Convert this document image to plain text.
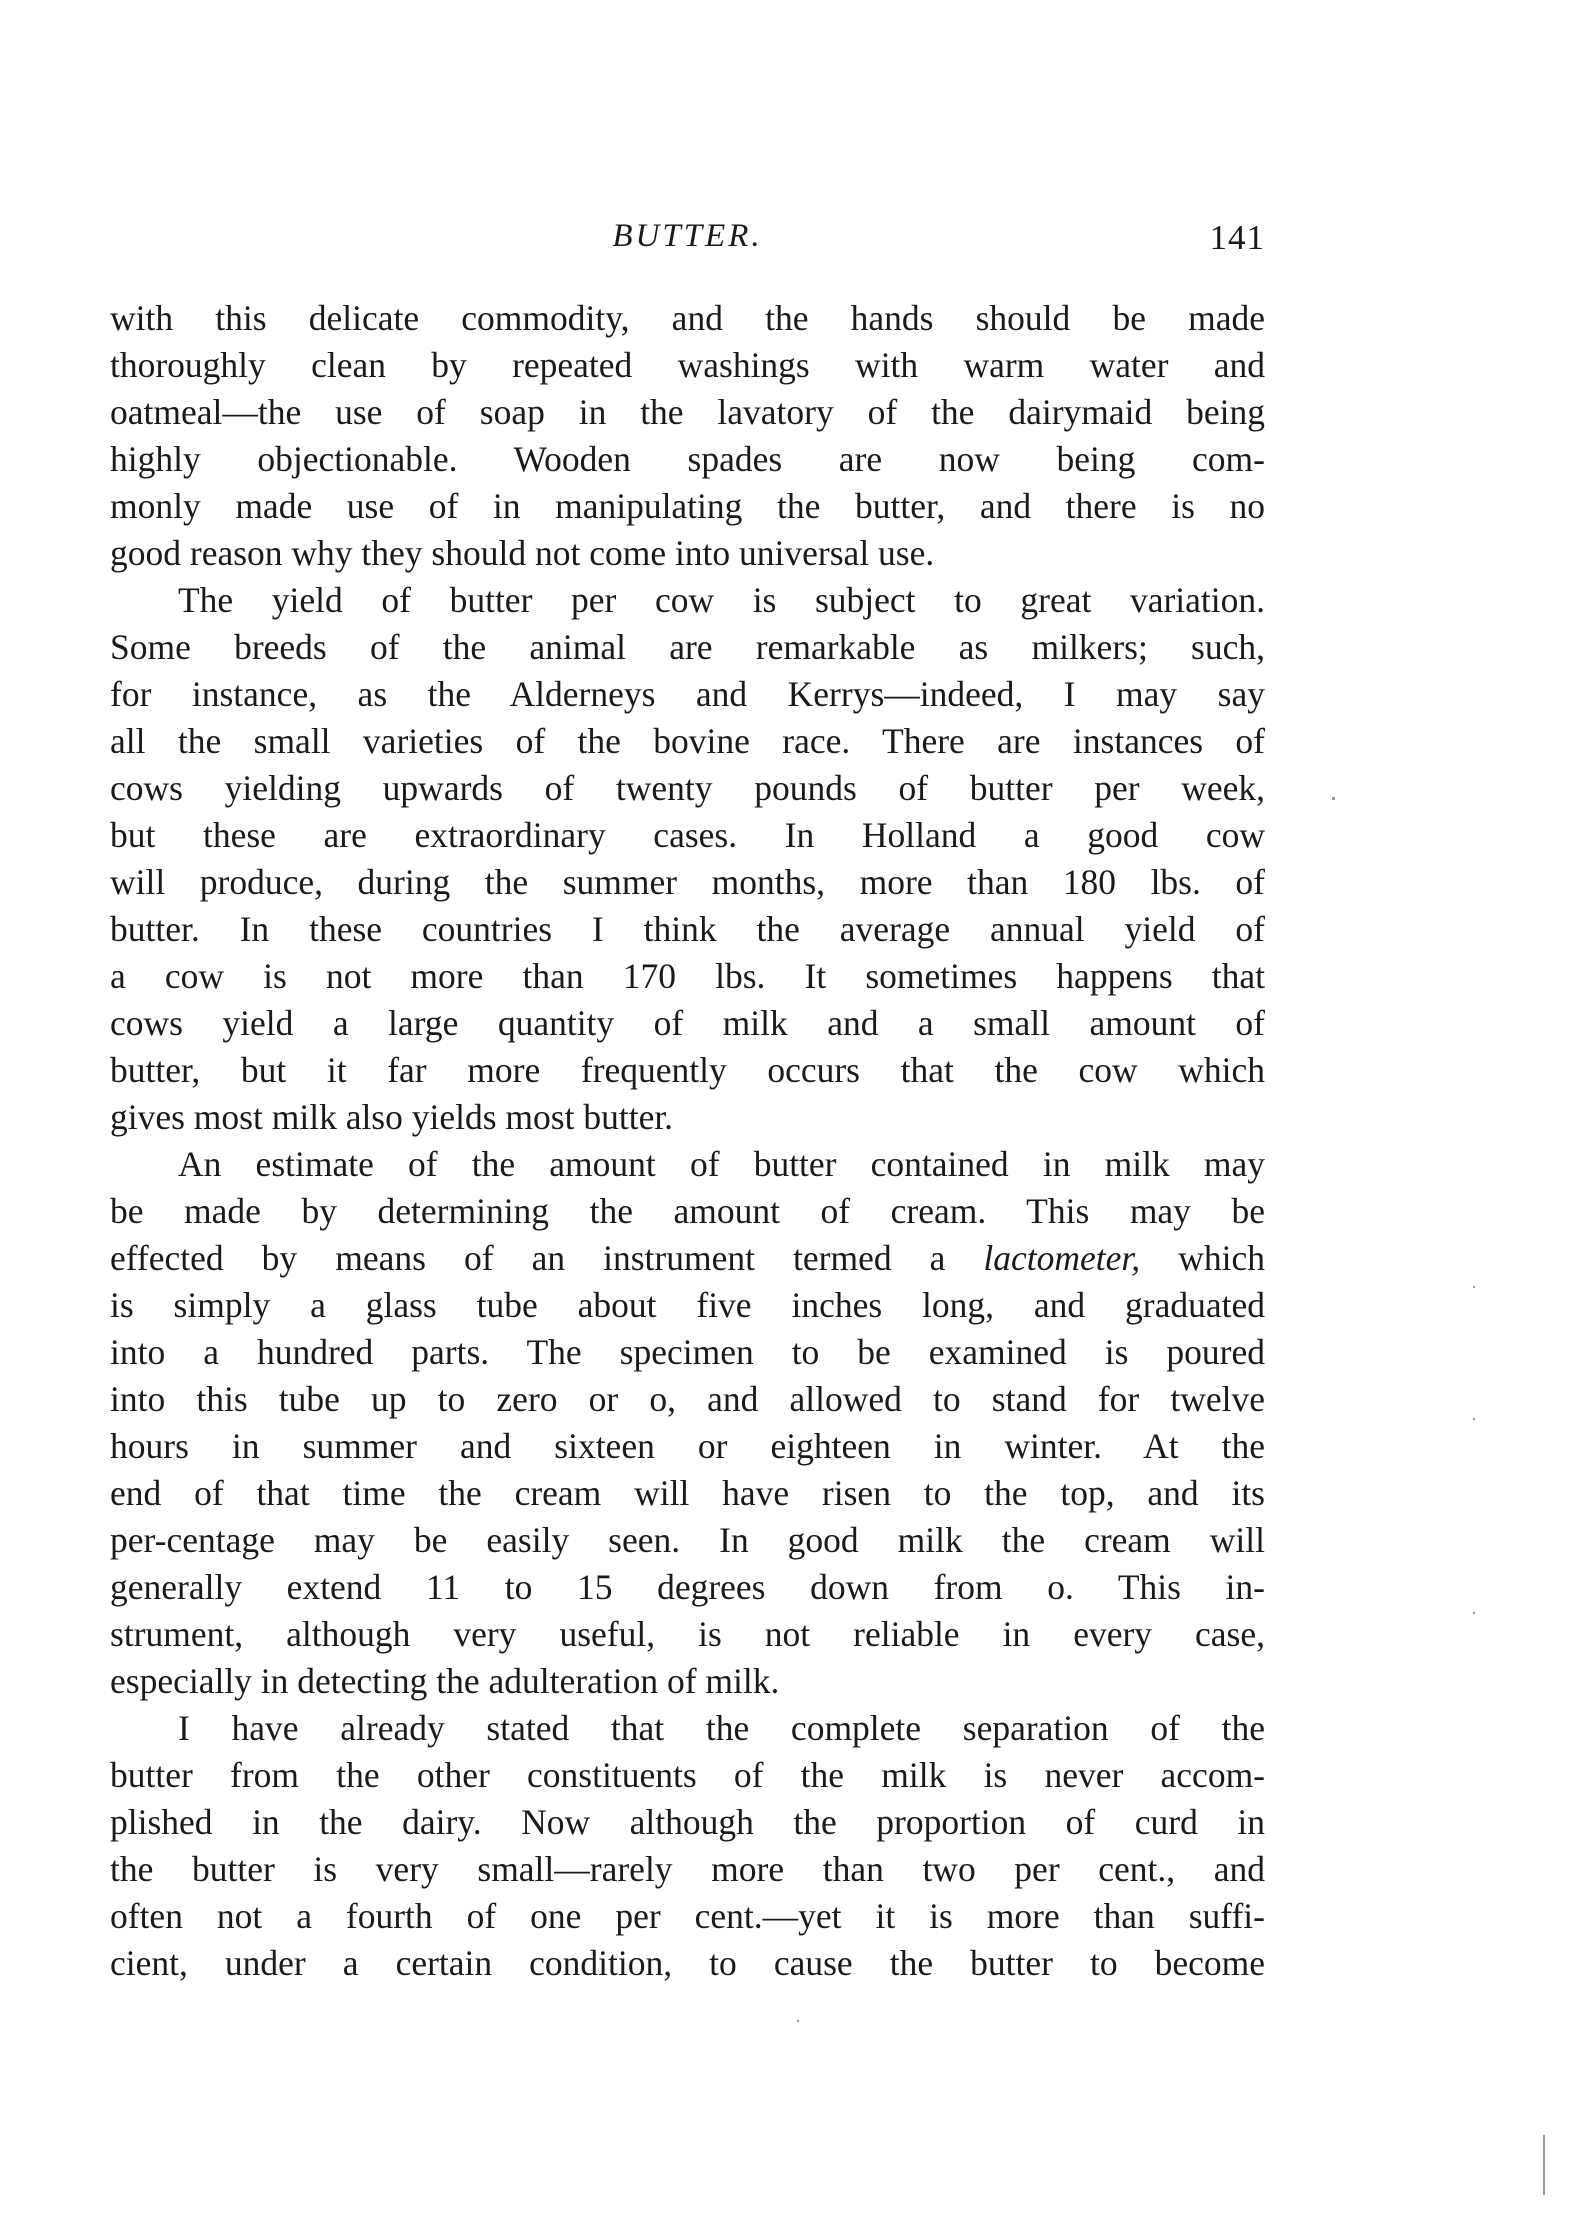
BUTTER.	141
with this delicate commodity, and the hands should be made
thoroughly clean by repeated washings with warm water and
oatmeal—the use of soap in the lavatory of the dairymaid being
highly objectionable. Wooden spades are now being com-
monly made use of in manipulating the butter, and there is no
good reason why they should not come into universal use.
The yield of butter per cow is subject to great variation.
Some breeds of the animal are remarkable as milkers; such,
for instance, as the Alderneys and Kerrys—indeed, I may say
all the small varieties of the bovine race. There are instances of
cows yielding upwards of twenty pounds of butter per week,
but these are extraordinary cases. In Holland a good cow
will produce, during the summer months, more than 180 lbs. of
butter. In these countries I think the average annual yield of
a cow is not more than 170 lbs. It sometimes happens that
cows yield a large quantity of milk and a small amount of
butter, but it far more frequently occurs that the cow which
gives most milk also yields most butter.
An estimate of the amount of butter contained in milk may
be made by determining the amount of cream. This may be
effected by means of an instrument termed a lactometer, which
is simply a glass tube about five inches long, and graduated
into a hundred parts. The specimen to be examined is poured
into this tube up to zero or o, and allowed to stand for twelve
hours in summer and sixteen or eighteen in winter. At the
end of that time the cream will have risen to the top, and its
per-centage may be easily seen. In good milk the cream will
generally extend 11 to 15 degrees down from o. This in-
strument, although very useful, is not reliable in every case,
especially in detecting the adulteration of milk.
I have already stated that the complete separation of the
butter from the other constituents of the milk is never accom-
plished in the dairy. Now although the proportion of curd in
the butter is very small—rarely more than two per cent., and
often not a fourth of one per cent.—yet it is more than suffi-
cient, under a certain condition, to cause the butter to become
